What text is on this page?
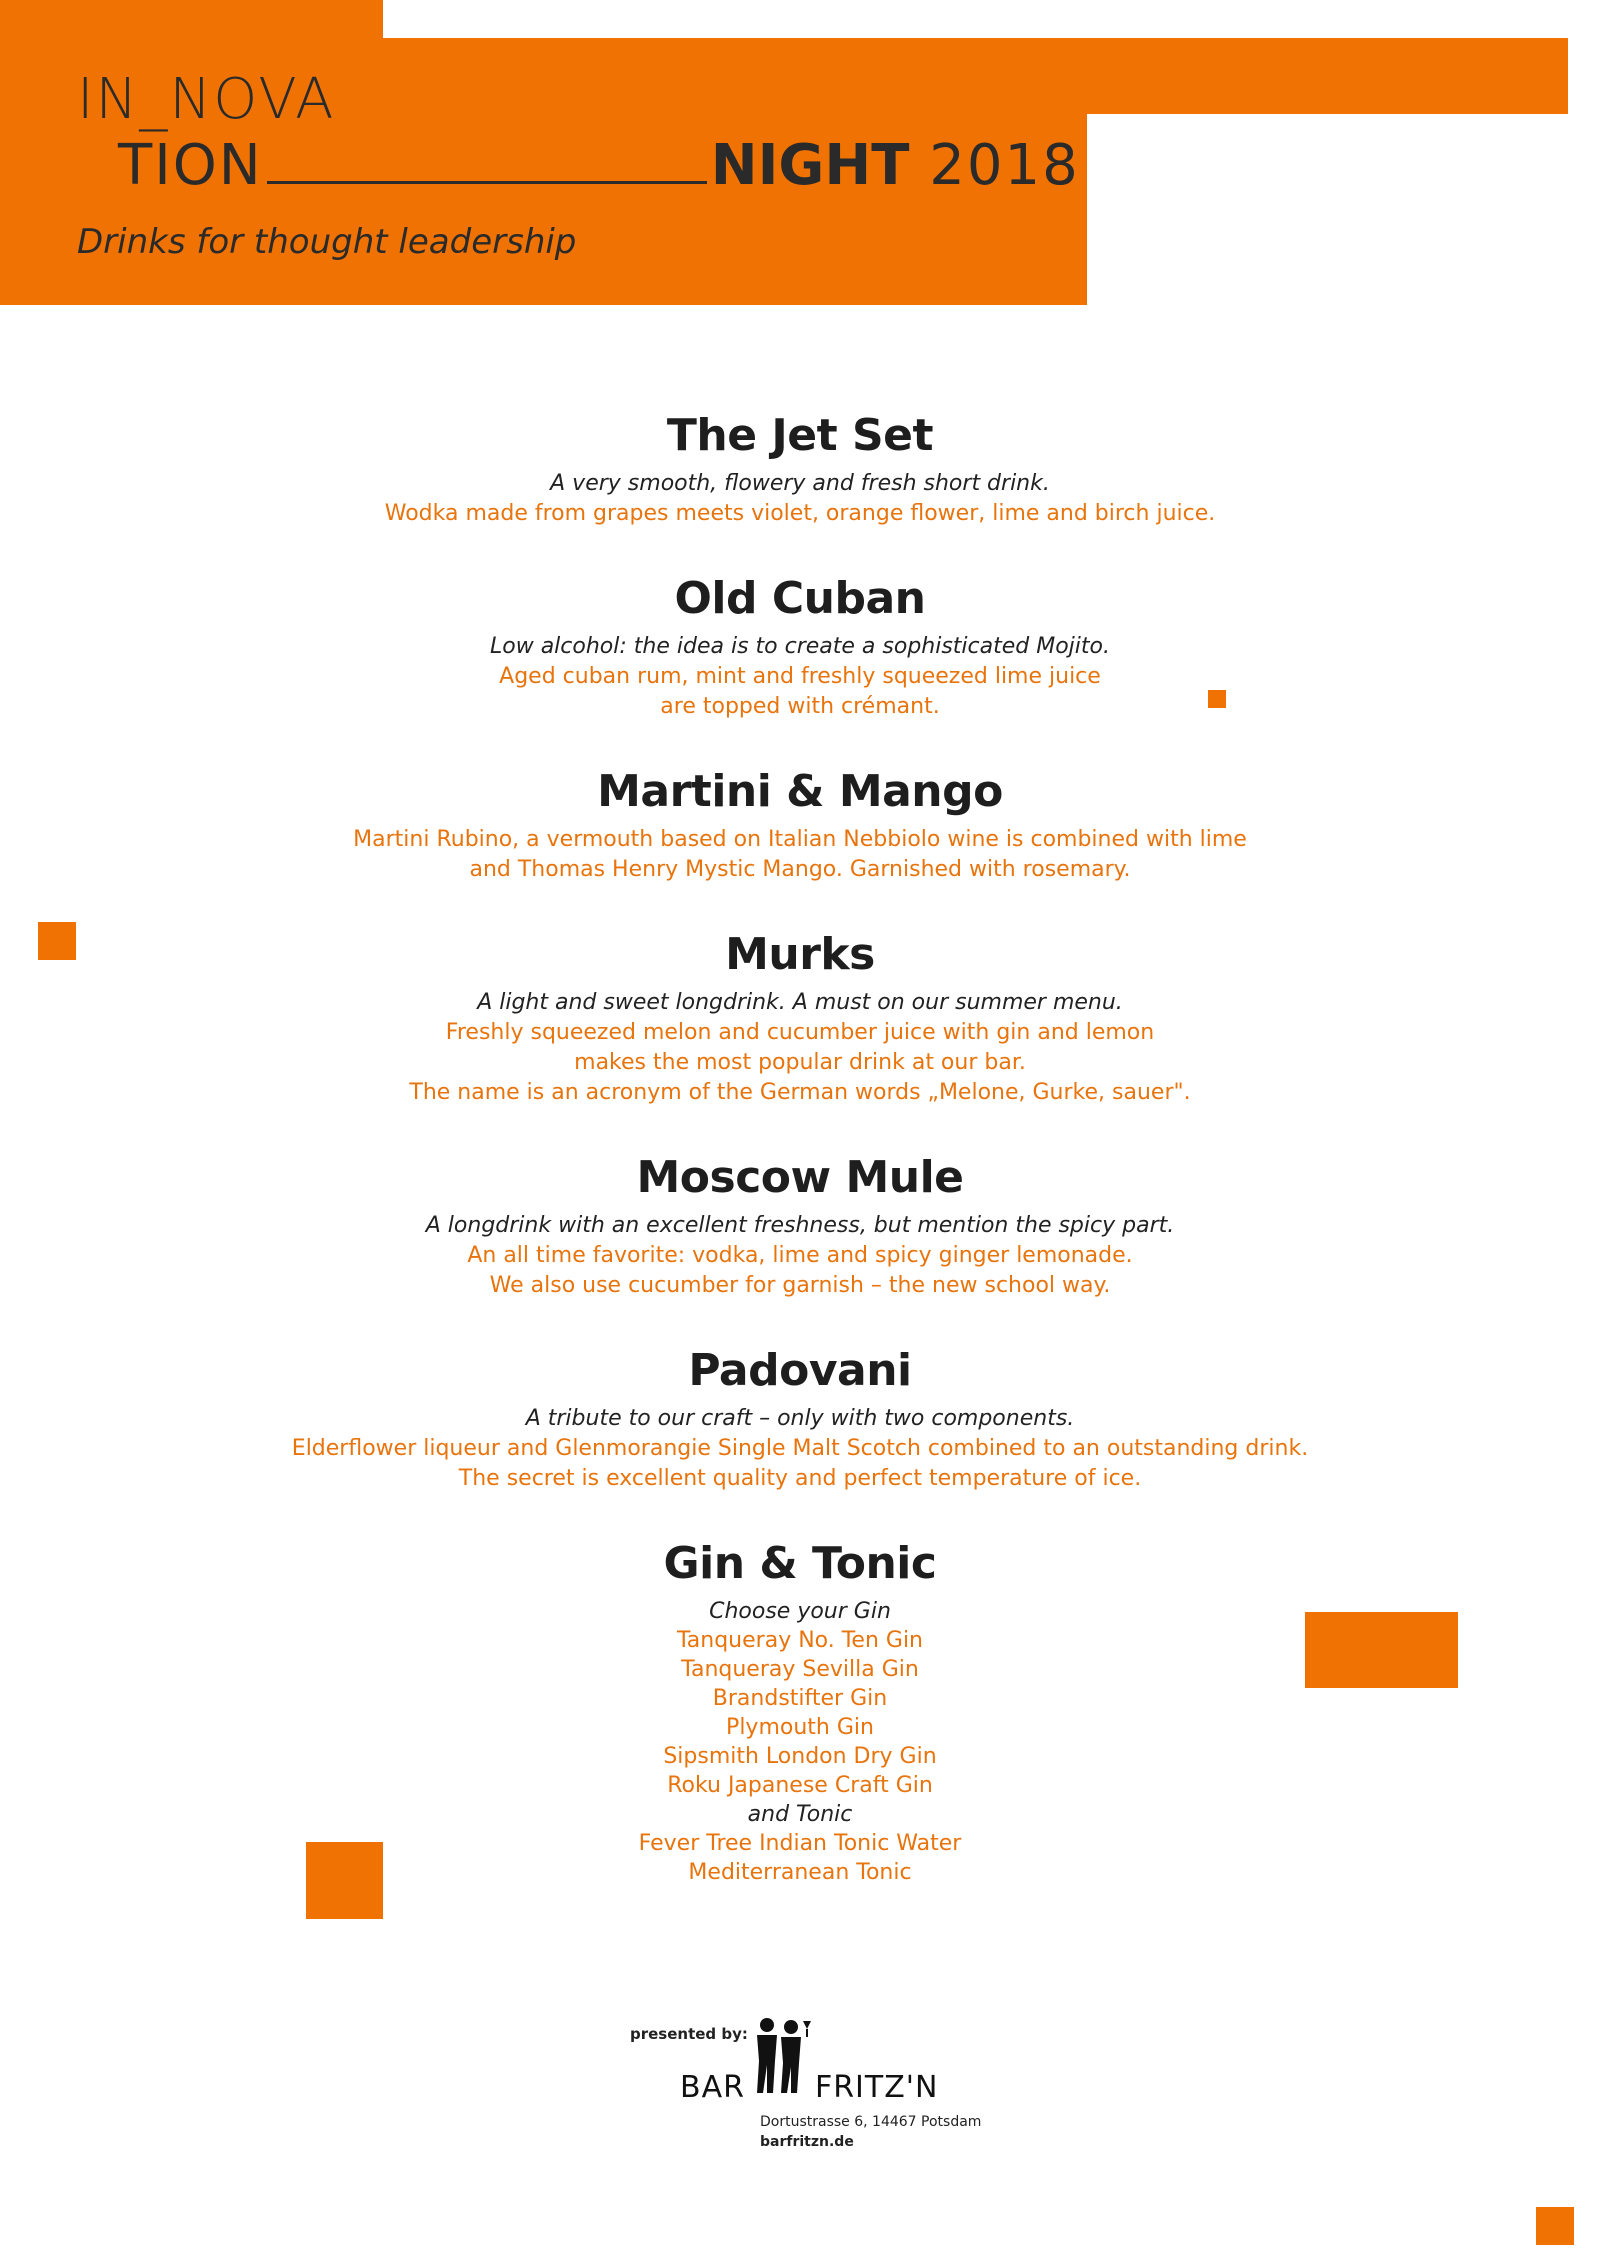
IN_NOVA
TION	NIGHT 2018
Drinks for thought leadership
The Jet Set

A very smooth, flowery and fresh short drink.

Wodka made from grapes meets violet, orange flower, lime and birch juice.

Old Cuban

Low alcohol: the idea is to create a sophisticated Mojito.

Aged cuban rum, mint and freshly squeezed lime juice

are topped with crémant.

Martini & Mango

Martini Rubino, a vermouth based on Italian Nebbiolo wine is combined with lime

and Thomas Henry Mystic Mango. Garnished with rosemary.

Murks

A light and sweet longdrink. A must on our summer menu.

Freshly squeezed melon and cucumber juice with gin and lemon

makes the most popular drink at our bar.

The name is an acronym of the German words „Melone, Gurke, sauer".

Moscow Mule

A longdrink with an excellent freshness, but mention the spicy part.

An all time favorite: vodka, lime and spicy ginger lemonade.

We also use cucumber for garnish – the new school way.

Padovani

A tribute to our craft – only with two components.

Elderflower liqueur and Glenmorangie Single Malt Scotch combined to an outstanding drink.

The secret is excellent quality and perfect temperature of ice.

Gin & Tonic

Choose your Gin

Tanqueray No. Ten Gin

Tanqueray Sevilla Gin

Brandstifter Gin

Plymouth Gin

Sipsmith London Dry Gin

Roku Japanese Craft Gin

and Tonic

Fever Tree Indian Tonic Water

Mediterranean Tonic

presented by:
BAR FRITZ'N
Dortustrasse 6, 14467 Potsdam
barfritzn.de
